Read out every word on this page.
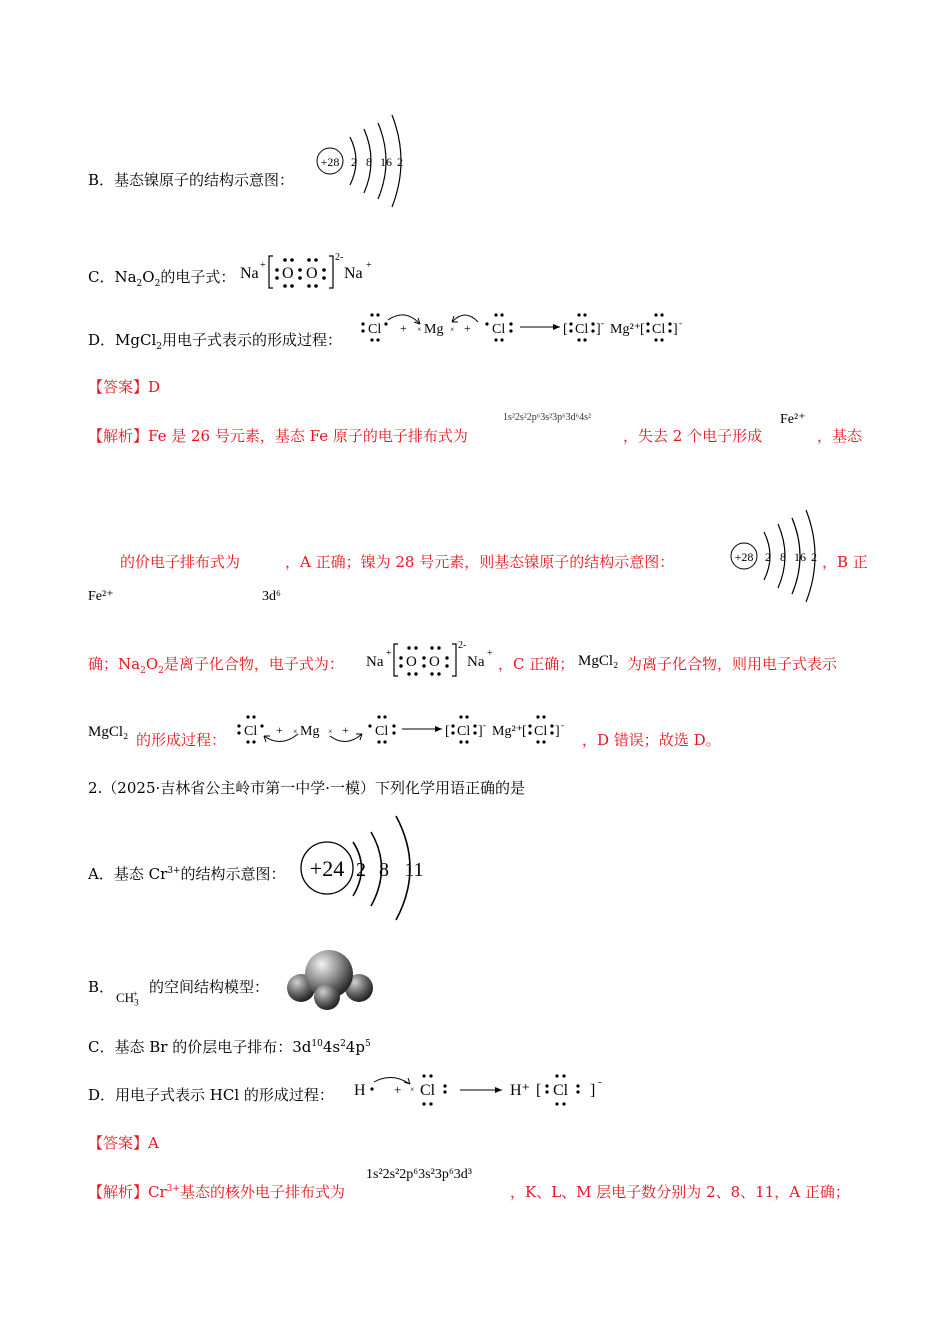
B．基态镍原子的结构示意图：
+28 2 8 16 2
C．$Na_2O_2$的电子式： Na + O O
2-
Na +
D．MgCl$_2$用电子式表示的形成过程：
Cl + × Mg × + Cl	[ Cl ] - Mg²⁺
[ Cl ] -
【答案】D
【解析】Fe 是 26 号元素，基态 Fe 原子的电子排布式为
1s²2s²2p⁶3s²3p⁶3d⁶4s²
，失去 2 个电子形成
Fe²⁺
，基态
的价电子排布式为	，A 正确；镍为 28 号元素，则基态镍原子的结构示意图：	+28 2 8 16 2 ，B 正
Fe²⁺	3d⁶
确；$Na_2O_2$是离子化合物，电子式为： Na
+
O O
2-
Na
+
，C 正确； MgCl₂ 为离子化合物，则用电子式表示
MgCl₂ 的形成过程： Cl + × Mg × + Cl	[ Cl ] - Mg²⁺
[ Cl ] -
，D 错误；故选 D。
2.（2025·吉林省公主岭市第一中学·一模）下列化学用语正确的是
A．基态 $Cr^{3+}$的结构示意图： +24 2 8 11
B．
$CH_3^+$ 的空间结构模型：
C．基态 Br 的价层电子排布：$3d^{10}4s^24p^5$
D．用电子式表示 HCl 的形成过程： H + × Cl	H⁺ [ Cl ] -
【答案】A
【解析】$Cr^{3+}$基态的核外电子排布式为
1s²2s²2p⁶3s²3p⁶3d³
，K、L、M 层电子数分别为 2、8、11，A 正确；
